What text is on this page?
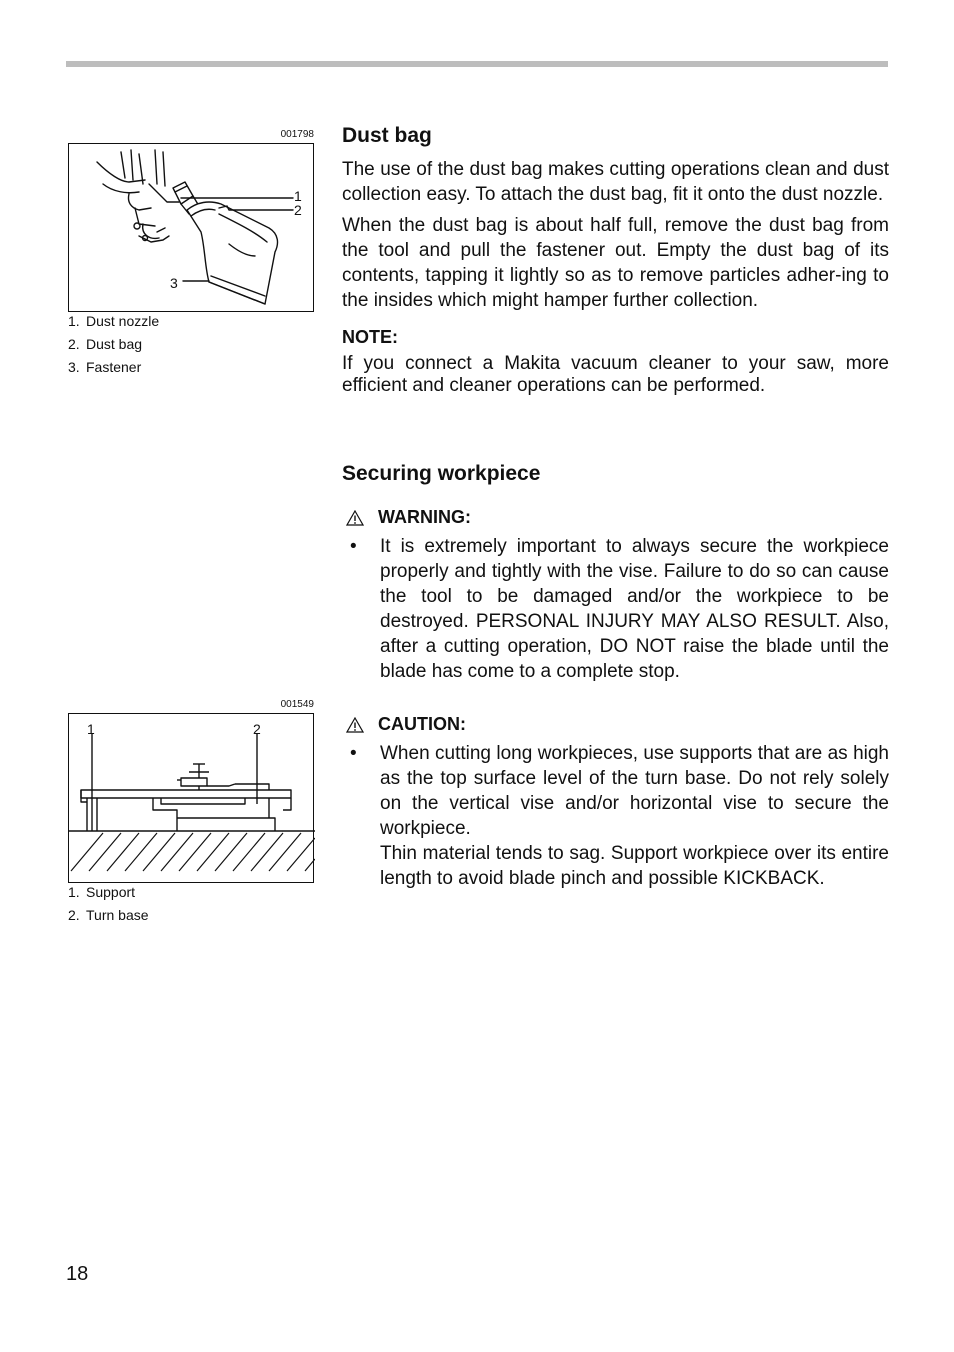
001798
1
2
3
1. Dust nozzle
2. Dust bag
3. Fastener
001549
1	2
1. Support
2. Turn base
Dust bag

The use of the dust bag makes cutting operations clean and dust collection easy. To attach the dust bag, fit it onto the dust nozzle.

When the dust bag is about half full, remove the dust bag from the tool and pull the fastener out. Empty the dust bag of its contents, tapping it lightly so as to remove particles adher-ing to the insides which might hamper further collection.

NOTE:

If you connect a Makita vacuum cleaner to your saw, more efficient and cleaner operations can be performed.

Securing workpiece
WARNING:
• It is extremely important to always secure the workpiece properly and tightly with the vise. Failure to do so can cause the tool to be damaged and/or the workpiece to be destroyed. PERSONAL INJURY MAY ALSO RESULT. Also, after a cutting operation, DO NOT raise the blade until the blade has come to a complete stop.
CAUTION:
• When cutting long workpieces, use supports that are as high as the top surface level of the turn base. Do not rely solely on the vertical vise and/or horizontal vise to secure the workpiece.
Thin material tends to sag. Support workpiece over its entire length to avoid blade pinch and possible KICKBACK.
18
